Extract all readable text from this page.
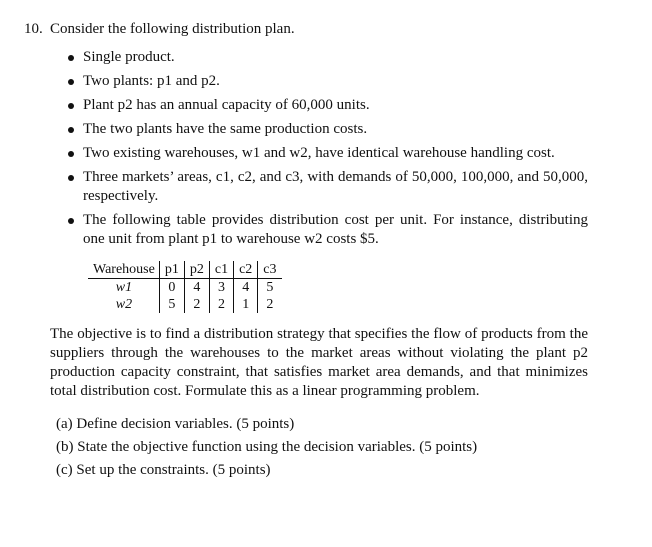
10. Consider the following distribution plan.

Single product.
Two plants: p1 and p2.
Plant p2 has an annual capacity of 60,000 units.
The two plants have the same production costs.
Two existing warehouses, w1 and w2, have identical warehouse handling cost.
Three markets’ areas, c1, c2, and c3, with demands of 50,000, 100,000, and 50,000, respectively.
The following table provides distribution cost per unit. For instance, distributing one unit from plant p1 to warehouse w2 costs $5.
Warehouse	p1	p2	c1	c2	c3
w1	0	4	3	4	5
w2	5	2	2	1	2

The objective is to find a distribution strategy that specifies the flow of products from the suppliers through the warehouses to the market areas without violating the plant p2 production capacity constraint, that satisfies market area demands, and that minimizes total distribution cost. Formulate this as a linear programming problem.

(a) Define decision variables. (5 points)
(b) State the objective function using the decision variables. (5 points)
(c) Set up the constraints. (5 points)
